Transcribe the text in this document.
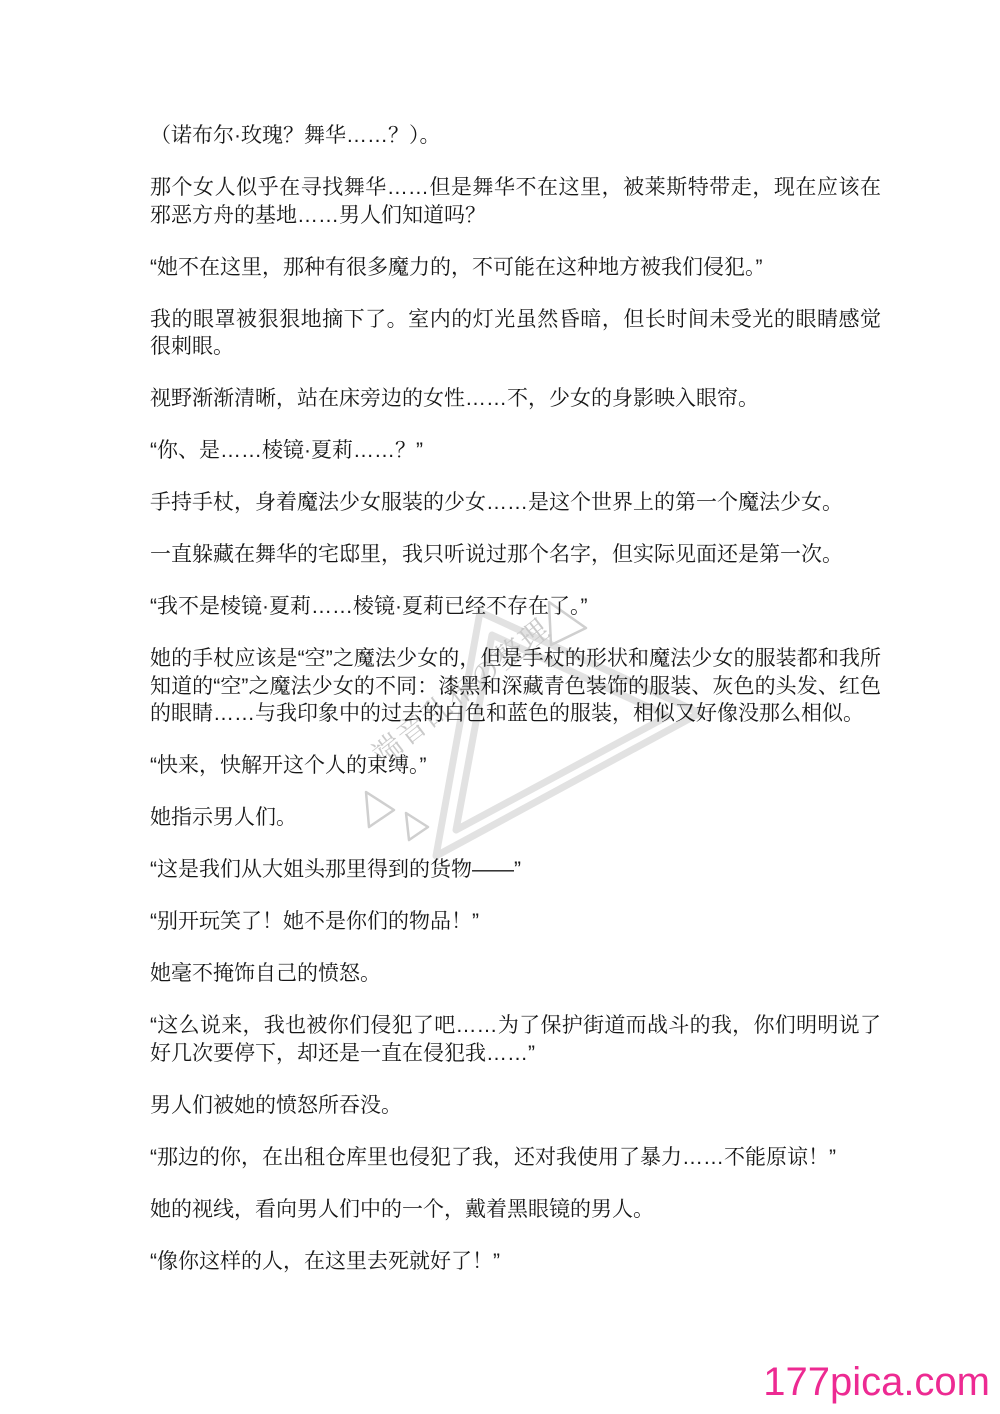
端音乱布の整理

（诺布尔·玫瑰？舞华……？）。

那个女人似乎在寻找舞华……但是舞华不在这里，被莱斯特带走，现在应该在邪恶方舟的基地……男人们知道吗？

“她不在这里，那种有很多魔力的，不可能在这种地方被我们侵犯。”

我的眼罩被狠狠地摘下了。室内的灯光虽然昏暗，但长时间未受光的眼睛感觉很刺眼。

视野渐渐清晰，站在床旁边的女性……不，少女的身影映入眼帘。

“你、是……棱镜·夏莉……？”

手持手杖，身着魔法少女服装的少女……是这个世界上的第一个魔法少女。

一直躲藏在舞华的宅邸里，我只听说过那个名字，但实际见面还是第一次。

“我不是棱镜·夏莉……棱镜·夏莉已经不存在了。”

她的手杖应该是“空”之魔法少女的，但是手杖的形状和魔法少女的服装都和我所知道的“空”之魔法少女的不同：漆黑和深藏青色装饰的服装、灰色的头发、红色的眼睛……与我印象中的过去的白色和蓝色的服装，相似又好像没那么相似。

“快来，快解开这个人的束缚。”

她指示男人们。

“这是我们从大姐头那里得到的货物——”

“别开玩笑了！她不是你们的物品！”

她毫不掩饰自己的愤怒。

“这么说来，我也被你们侵犯了吧……为了保护街道而战斗的我，你们明明说了好几次要停下，却还是一直在侵犯我……”

男人们被她的愤怒所吞没。

“那边的你，在出租仓库里也侵犯了我，还对我使用了暴力……不能原谅！”

她的视线，看向男人们中的一个，戴着黑眼镜的男人。

“像你这样的人，在这里去死就好了！”

177pica.com
